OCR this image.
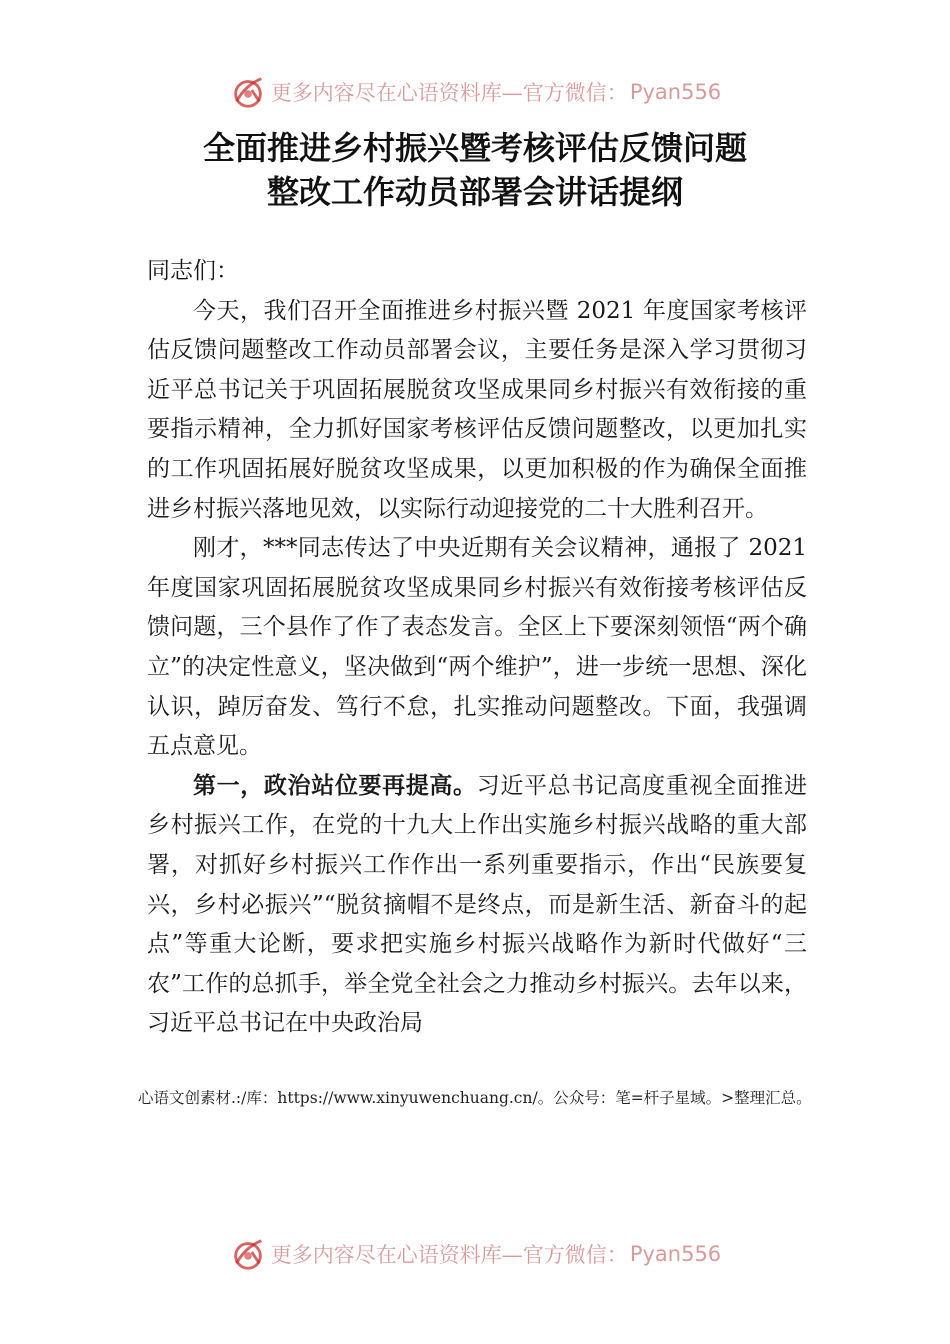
更多内容尽在心语资料库—官方微信： Pyan556
全面推进乡村振兴暨考核评估反馈问题
整改工作动员部署会讲话提纲

同志们：

今天，我们召开全面推进乡村振兴暨 2021 年度国家考核评估反馈问题整改工作动员部署会议，主要任务是深入学习贯彻习近平总书记关于巩固拓展脱贫攻坚成果同乡村振兴有效衔接的重要指示精神，全力抓好国家考核评估反馈问题整改，以更加扎实的工作巩固拓展好脱贫攻坚成果，以更加积极的作为确保全面推进乡村振兴落地见效，以实际行动迎接党的二十大胜利召开。

刚才，***同志传达了中央近期有关会议精神，通报了 2021 年度国家巩固拓展脱贫攻坚成果同乡村振兴有效衔接考核评估反馈问题，三个县作了作了表态发言。全区上下要深刻领悟“两个确立”的决定性意义，坚决做到“两个维护”，进一步统一思想、深化认识，踔厉奋发、笃行不怠，扎实推动问题整改。下面，我强调五点意见。

第一，政治站位要再提高。习近平总书记高度重视全面推进乡村振兴工作，在党的十九大上作出实施乡村振兴战略的重大部署，对抓好乡村振兴工作作出一系列重要指示，作出“民族要复兴，乡村必振兴”“脱贫摘帽不是终点，而是新生活、新奋斗的起点”等重大论断，要求把实施乡村振兴战略作为新时代做好“三农”工作的总抓手，举全党全社会之力推动乡村振兴。去年以来，习近平总书记在中央政治局

心语文创素材.:/库：https://www.xinyuwenchuang.cn/。公众号：笔=杆子星域。>整理汇总。
更多内容尽在心语资料库—官方微信： Pyan556
